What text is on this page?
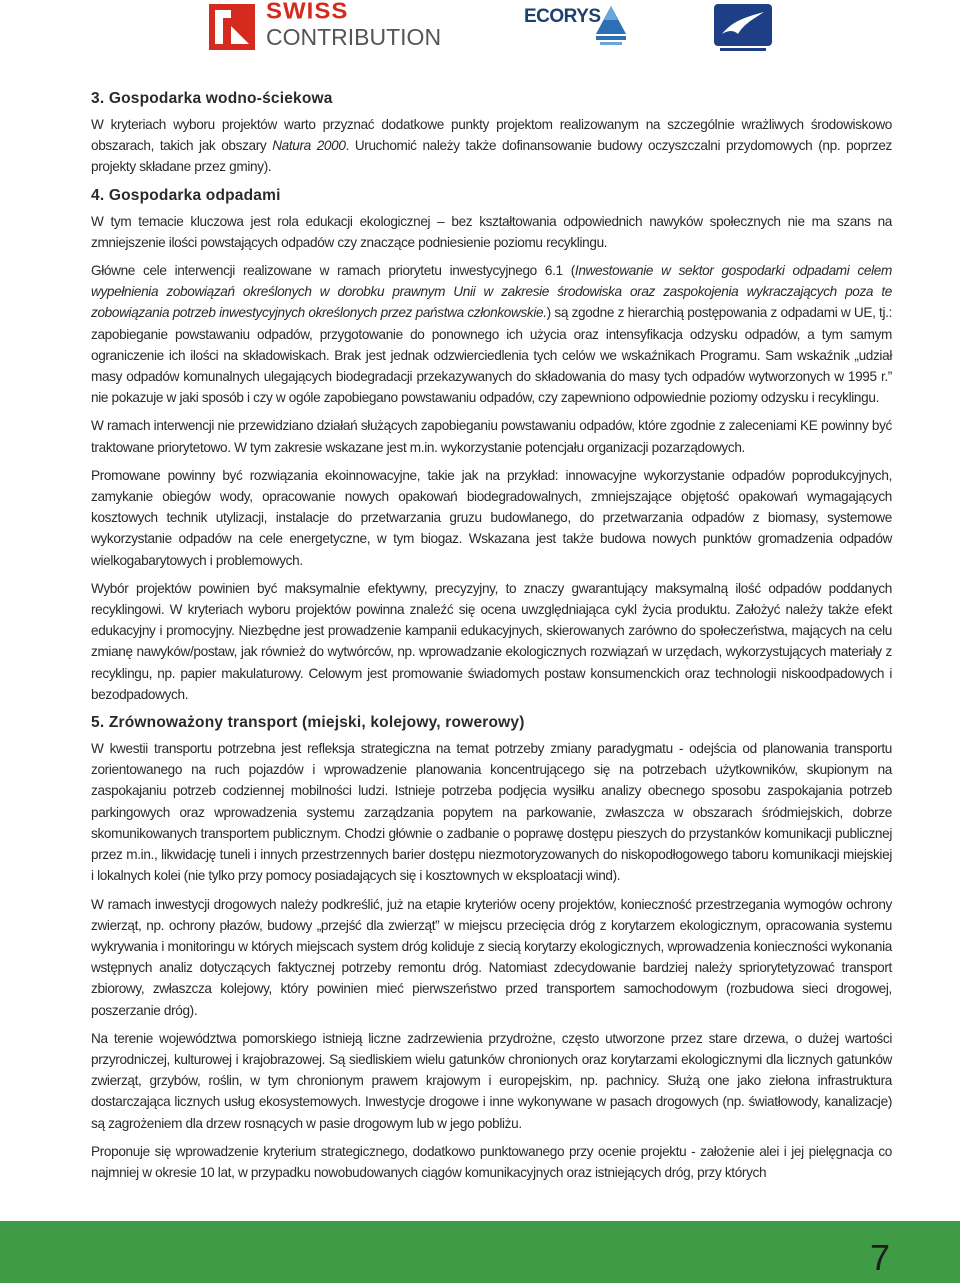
SWISS
CONTRIBUTION
ECORYS
3. Gospodarka wodno-ściekowa

W kryteriach wyboru projektów warto przyznać dodatkowe punkty projektom realizowanym na szczególnie wrażliwych środowiskowo obszarach, takich jak obszary Natura 2000. Uruchomić należy także dofinansowanie budowy oczyszczalni przydomowych (np. poprzez projekty składane przez gminy).

4. Gospodarka odpadami

W tym temacie kluczowa jest rola edukacji ekologicznej – bez kształtowania odpowiednich nawyków społecznych nie ma szans na zmniejszenie ilości powstających odpadów czy znaczące podniesienie poziomu recyklingu.

Główne cele interwencji realizowane w ramach priorytetu inwestycyjnego 6.1 (Inwestowanie w sektor gospodarki odpadami celem wypełnienia zobowiązań określonych w dorobku prawnym Unii w zakresie środowiska oraz zaspokojenia wykraczających poza te zobowiązania potrzeb inwestycyjnych określonych przez państwa członkowskie.) są zgodne z hierarchią postępowania z odpadami w UE, tj.: zapobieganie powstawaniu odpadów, przygotowanie do ponownego ich użycia oraz intensyfikacja odzysku odpadów, a tym samym ograniczenie ich ilości na składowiskach. Brak jest jednak odzwierciedlenia tych celów we wskaźnikach Programu. Sam wskaźnik „udział masy odpadów komunalnych ulegających biodegradacji przekazywanych do składowania do masy tych odpadów wytworzonych w 1995 r.” nie pokazuje w jaki sposób i czy w ogóle zapobiegano powstawaniu odpadów, czy zapewniono odpowiednie poziomy odzysku i recyklingu.

W ramach interwencji nie przewidziano działań służących zapobieganiu powstawaniu odpadów, które zgodnie z zaleceniami KE powinny być traktowane priorytetowo. W tym zakresie wskazane jest m.in. wykorzystanie potencjału organizacji pozarządowych.

Promowane powinny być rozwiązania ekoinnowacyjne, takie jak na przykład: innowacyjne wykorzystanie odpadów poprodukcyjnych, zamykanie obiegów wody, opracowanie nowych opakowań biodegradowalnych, zmniejszające objętość opakowań wymagających kosztowych technik utylizacji, instalacje do przetwarzania gruzu budowlanego, do przetwarzania odpadów z biomasy, systemowe wykorzystanie odpadów na cele energetyczne, w tym biogaz. Wskazana jest także budowa nowych punktów gromadzenia odpadów wielkogabarytowych i problemowych.

Wybór projektów powinien być maksymalnie efektywny, precyzyjny, to znaczy gwarantujący maksymalną ilość odpadów poddanych recyklingowi. W kryteriach wyboru projektów powinna znaleźć się ocena uwzględniająca cykl życia produktu. Założyć należy także efekt edukacyjny i promocyjny. Niezbędne jest prowadzenie kampanii edukacyjnych, skierowanych zarówno do społeczeństwa, mających na celu zmianę nawyków/postaw, jak również do wytwórców, np. wprowadzanie ekologicznych rozwiązań w urzędach, wykorzystujących materiały z recyklingu, np. papier makulaturowy. Celowym jest promowanie świadomych postaw konsumenckich oraz technologii niskoodpadowych i bezodpadowych.

5. Zrównoważony transport (miejski, kolejowy, rowerowy)

W kwestii transportu potrzebna jest refleksja strategiczna na temat potrzeby zmiany paradygmatu - odejścia od planowania transportu zorientowanego na ruch pojazdów i wprowadzenie planowania koncentrującego się na potrzebach użytkowników, skupionym na zaspokajaniu potrzeb codziennej mobilności ludzi. Istnieje potrzeba podjęcia wysiłku analizy obecnego sposobu zaspokajania potrzeb parkingowych oraz wprowadzenia systemu zarządzania popytem na parkowanie, zwłaszcza w obszarach śródmiejskich, dobrze skomunikowanych transportem publicznym. Chodzi głównie o zadbanie o poprawę dostępu pieszych do przystanków komunikacji publicznej przez m.in., likwidację tuneli i innych przestrzennych barier dostępu niezmotoryzowanych do niskopodłogowego taboru komunikacji miejskiej i lokalnych kolei (nie tylko przy pomocy posiadających się i kosztownych w eksploatacji wind).

W ramach inwestycji drogowych należy podkreślić, już na etapie kryteriów oceny projektów, konieczność przestrzegania wymogów ochrony zwierząt, np. ochrony płazów, budowy „przejść dla zwierząt” w miejscu przecięcia dróg z korytarzem ekologicznym, opracowania systemu wykrywania i monitoringu w których miejscach system dróg koliduje z siecią korytarzy ekologicznych, wprowadzenia konieczności wykonania wstępnych analiz dotyczących faktycznej potrzeby remontu dróg. Natomiast zdecydowanie bardziej należy spriorytetyzować transport zbiorowy, zwłaszcza kolejowy, który powinien mieć pierwszeństwo przed transportem samochodowym (rozbudowa sieci drogowej, poszerzanie dróg).

Na terenie województwa pomorskiego istnieją liczne zadrzewienia przydrożne, często utworzone przez stare drzewa, o dużej wartości przyrodniczej, kulturowej i krajobrazowej. Są siedliskiem wielu gatunków chronionych oraz korytarzami ekologicznymi dla licznych gatunków zwierząt, grzybów, roślin, w tym chronionym prawem krajowym i europejskim, np. pachnicy. Służą one jako ziełona infrastruktura dostarczająca licznych usług ekosystemowych. Inwestycje drogowe i inne wykonywane w pasach drogowych (np. światłowody, kanalizacje) są zagrożeniem dla drzew rosnących w pasie drogowym lub w jego pobliżu.

Proponuje się wprowadzenie kryterium strategicznego, dodatkowo punktowanego przy ocenie projektu - założenie alei i jej pielęgnacja co najmniej w okresie 10 lat, w przypadku nowobudowanych ciągów komunikacyjnych oraz istniejących dróg, przy których

7
